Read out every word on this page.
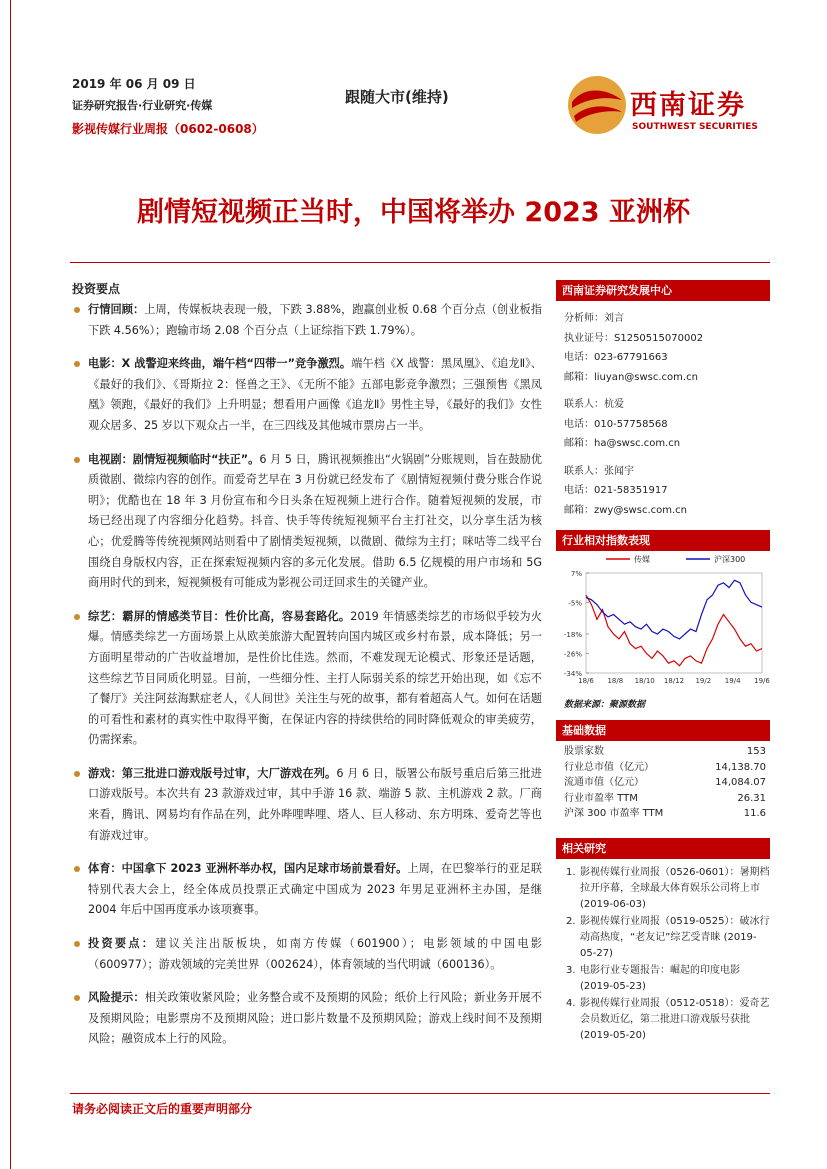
2019 年 06 月 09 日
证券研究报告·行业研究·传媒
影视传媒行业周报（0602-0608）
跟随大市(维持)	西南证券
SOUTHWEST SECURITIES
剧情短视频正当时，中国将举办 2023 亚洲杯
投资要点
行情回顾：上周，传媒板块表现一般，下跌 3.88%，跑赢创业板 0.68 个百分点（创业板指下跌 4.56%）；跑输市场 2.08 个百分点（上证综指下跌 1.79%）。
电影：X 战警迎来终曲，端午档“四带一”竞争激烈。端午档《X 战警：黑凤凰》、《追龙Ⅱ》、《最好的我们》、《哥斯拉 2：怪兽之王》、《无所不能》五部电影竞争激烈；三强预售《黑凤凰》领跑，《最好的我们》上升明显；想看用户画像《追龙Ⅱ》男性主导，《最好的我们》女性观众居多、25 岁以下观众占一半，在三四线及其他城市票房占一半。
电视剧：剧情短视频临时“扶正”。6 月 5 日，腾讯视频推出“火锅剧”分账规则，旨在鼓励优质微剧、微综内容的创作。而爱奇艺早在 3 月份就已经发布了《剧情短视频付费分账合作说明》；优酷也在 18 年 3 月份宣布和今日头条在短视频上进行合作。随着短视频的发展，市场已经出现了内容细分化趋势。抖音、快手等传统短视频平台主打社交，以分享生活为核心；优爱腾等传统视频网站则看中了剧情类短视频，以微剧、微综为主打；咪咕等二线平台围绕自身版权内容，正在探索短视频内容的多元化发展。借助 6.5 亿规模的用户市场和 5G 商用时代的到来，短视频极有可能成为影视公司迂回求生的关键产业。
综艺：霸屏的情感类节目：性价比高，容易套路化。2019 年情感类综艺的市场似乎较为火爆。情感类综艺一方面场景上从欧美旅游大配置转向国内城区或乡村布景，成本降低；另一方面明星带动的广告收益增加，是性价比佳选。然而，不难发现无论模式、形象还是话题，这些综艺节目同质化明显。目前，一些细分性、主打人际弱关系的综艺开始出现，如《忘不了餐厅》关注阿兹海默症老人，《人间世》关注生与死的故事，都有着超高人气。如何在话题的可看性和素材的真实性中取得平衡，在保证内容的持续供给的同时降低观众的审美疲劳，仍需探索。
游戏：第三批进口游戏版号过审，大厂游戏在列。6 月 6 日，版署公布版号重启后第三批进口游戏版号。本次共有 23 款游戏过审，其中手游 16 款、端游 5 款、主机游戏 2 款。厂商来看，腾讯、网易均有作品在列，此外哔哩哔哩、塔人、巨人移动、东方明珠、爱奇艺等也有游戏过审。
体育：中国拿下 2023 亚洲杯举办权，国内足球市场前景看好。上周，在巴黎举行的亚足联特别代表大会上，经全体成员投票正式确定中国成为 2023 年男足亚洲杯主办国，是继 2004 年后中国再度承办该项赛事。
投资要点：建议关注出版板块，如南方传媒（601900）；电影领域的中国电影（600977）；游戏领域的完美世界（002624），体育领域的当代明诚（600136）。
风险提示：相关政策收紧风险；业务整合或不及预期的风险；纸价上行风险；新业务开展不及预期风险；电影票房不及预期风险；进口影片数量不及预期风险；游戏上线时间不及预期风险；融资成本上行的风险。
西南证券研究发展中心
分析师：刘言
执业证号：S1250515070002
电话：023-67791663
邮箱：liuyan@swsc.com.cn
联系人：杭爱
电话：010-57758568
邮箱：ha@swsc.com.cn
联系人：张闻宇
电话：021-58351917
邮箱：zwy@swsc.com.cn
行业相对指数表现
7%
-5%
-18%
-26%
-34%
18/6 18/8 18/10 18/12 19/2 19/4 19/6
传媒	沪深300
数据来源：聚源数据
基础数据
股票家数	153
行业总市值（亿元）	14,138.70
流通市值（亿元）	14,084.07
行业市盈率 TTM	26.31
沪深 300 市盈率 TTM	11.6
相关研究
1. 影视传媒行业周报（0526-0601）：暑期档拉开序幕，全球最大体育娱乐公司将上市 (2019-06-03)
2. 影视传媒行业周报（0519-0525）：破冰行动高热度，“老友记”综艺受青睐 (2019-05-27)
3. 电影行业专题报告：崛起的印度电影 (2019-05-23)
4. 影视传媒行业周报（0512-0518）：爱奇艺会员数近亿，第二批进口游戏版号获批 (2019-05-20)
请务必阅读正文后的重要声明部分
